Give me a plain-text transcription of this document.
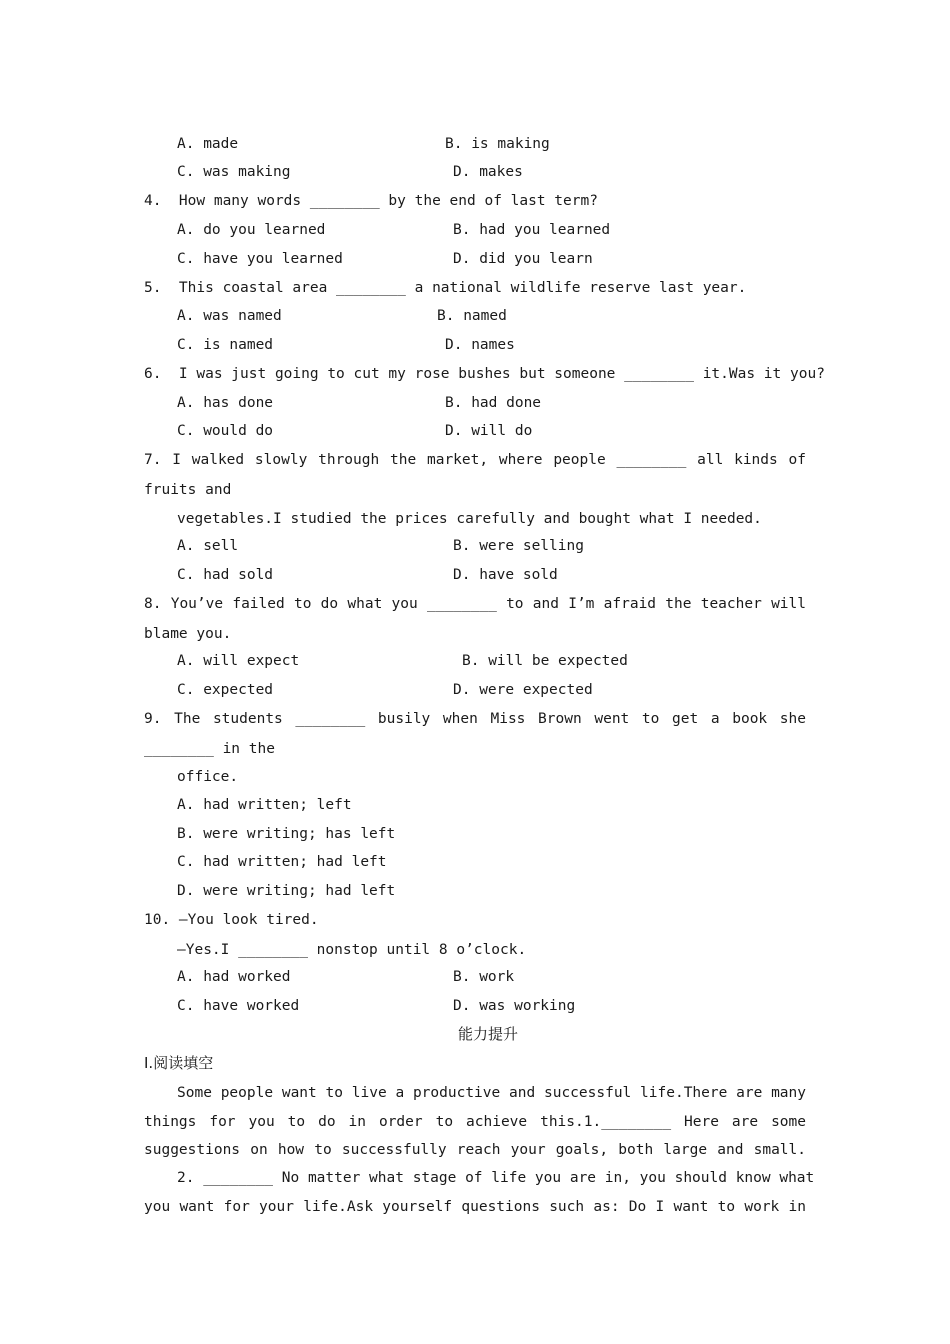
A. made	B. is making
C. was making	D. makes
4.  How many words ________ by the end of last term?
A. do you learned	B. had you learned
C. have you learned	D. did you learn
5.  This coastal area ________ a national wildlife reserve last year.
A. was named	B. named
C. is named	D. names
6.  I was just going to cut my rose bushes but someone ________ it.Was it you?
A. has done	B. had done
C. would do	D. will do
7. I walked slowly through the market, where people ________ all kinds of
fruits and
vegetables.I studied the prices carefully and bought what I needed.
A. sell	B. were selling
C. had sold	D. have sold
8. You’ve failed to do what you ________ to and I’m afraid the teacher will
blame you.
A. will expect	B. will be expected
C. expected	D. were expected
9. The students ________ busily when Miss Brown went to get a book she
________ in the
office.
A. had written; left
B. were writing; has left
C. had written; had left
D. were writing; had left
10. —You look tired.
—Yes.I ________ nonstop until 8 o’clock.
A. had worked	B. work
C. have worked	D. was working
能力提升
Ⅰ.阅读填空
Some people want to live a productive and successful life.There are many
things for you to do in order to achieve this.1.________ Here are some
suggestions on how to successfully reach your goals, both large and small.
2. ________ No matter what stage of life you are in, you should know what
you want for your life.Ask yourself questions such as: Do I want to work in
